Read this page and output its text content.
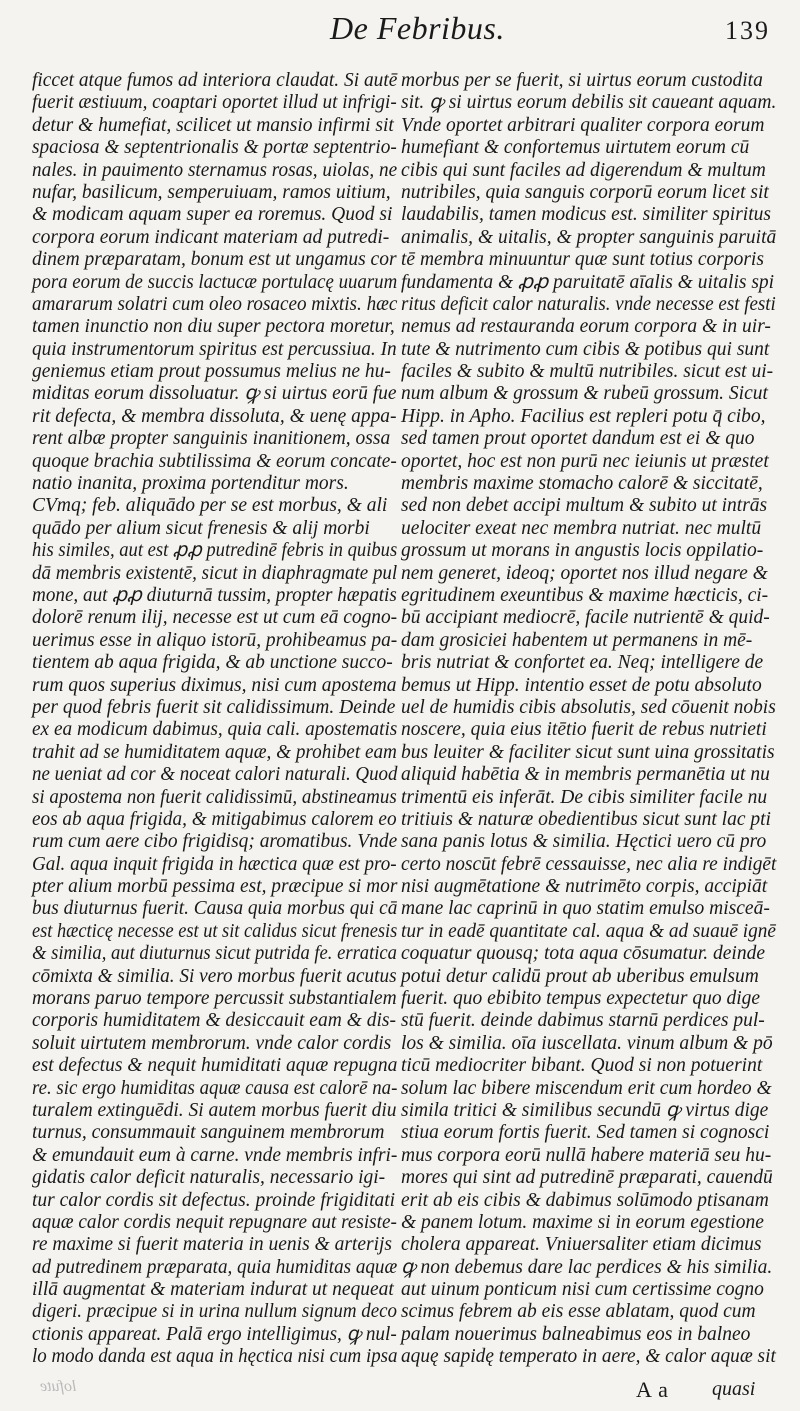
De Febribus.	139
ficcet atque fumos ad interiora claudat. Si autē
fuerit æstiuum, coaptari oportet illud ut infrigi-
detur & humefiat, scilicet ut mansio infirmi sit
spaciosa & septentrionalis & portæ septentrio-
nales. in pauimento sternamus rosas, uiolas, ne
nufar, basilicum, semperuiuam, ramos uitium,
& modicam aquam super ea roremus. Quod si
corpora eorum indicant materiam ad putredi-
dinem præparatam, bonum est ut ungamus cor
pora eorum de succis lactucæ portulacę uuarum
amararum solatri cum oleo rosaceo mixtis. hæc
tamen inunctio non diu super pectora moretur,
quia instrumentorum spiritus est percussiua. In
geniemus etiam prout possumus melius ne hu-
miditas eorum dissoluatur. ꝙ si uirtus eorū fue
rit defecta, & membra dissoluta, & uenę appa-
rent albæ propter sanguinis inanitionem, ossa
quoque brachia subtilissima & eorum concate-
natio inanita, proxima portenditur mors.
CVmq; feb. aliquādo per se est morbus, & ali
quādo per alium sicut frenesis & alij morbi
his similes, aut est ꝓꝓ putredinē febris in quibus
dā membris existentē, sicut in diaphragmate pul
mone, aut ꝓꝓ diuturnā tussim, propter hæpatis
dolorē renum ilij, necesse est ut cum eā cogno-
uerimus esse in aliquo istorū, prohibeamus pa-
tientem ab aqua frigida, & ab unctione succo-
rum quos superius diximus, nisi cum apostema
per quod febris fuerit sit calidissimum. Deinde
ex ea modicum dabimus, quia cali. apostematis
trahit ad se humiditatem aquæ, & prohibet eam
ne ueniat ad cor & noceat calori naturali. Quod
si apostema non fuerit calidissimū, abstineamus
eos ab aqua frigida, & mitigabimus calorem eo
rum cum aere cibo frigidisq; aromatibus. Vnde
Gal. aqua inquit frigida in hæctica quæ est pro-
pter alium morbū pessima est, præcipue si mor
bus diuturnus fuerit. Causa quia morbus qui cā
est hæcticę necesse est ut sit calidus sicut frenesis
& similia, aut diuturnus sicut putrida fe. erratica
cōmixta & similia. Si vero morbus fuerit acutus
morans paruo tempore percussit substantialem
corporis humiditatem & desiccauit eam & dis-
soluit uirtutem membrorum. vnde calor cordis
est defectus & nequit humiditati aquæ repugna
re. sic ergo humiditas aquæ causa est calorē na-
turalem extinguēdi. Si autem morbus fuerit diu
turnus, consummauit sanguinem membrorum
& emundauit eum à carne. vnde membris infri-
gidatis calor deficit naturalis, necessario igi-
tur calor cordis sit defectus. proinde frigiditati
aquæ calor cordis nequit repugnare aut resiste-
re maxime si fuerit materia in uenis & arterijs
ad putredinem præparata, quia humiditas aquæ
illā augmentat & materiam indurat ut nequeat
digeri. præcipue si in urina nullum signum deco
ctionis appareat. Palā ergo intelligimus, ꝙ nul-
lo modo danda est aqua in hęctica nisi cum ipsa
morbus per se fuerit, si uirtus eorum custodita
sit. ꝙ si uirtus eorum debilis sit caueant aquam.
Vnde oportet arbitrari qualiter corpora eorum
humefiant & confortemus uirtutem eorum cū
cibis qui sunt faciles ad digerendum & multum
nutribiles, quia sanguis corporū eorum licet sit
laudabilis, tamen modicus est. similiter spiritus
animalis, & uitalis, & propter sanguinis paruitā
tē membra minuuntur quæ sunt totius corporis
fundamenta & ꝓꝓ paruitatē aīalis & uitalis spi
ritus deficit calor naturalis. vnde necesse est festi
nemus ad restauranda eorum corpora & in uir-
tute & nutrimento cum cibis & potibus qui sunt
faciles & subito & multū nutribiles. sicut est ui-
num album & grossum & rubeū grossum. Sicut
Hipp. in Apho. Facilius est repleri potu q̄ cibo,
sed tamen prout oportet dandum est ei & quo
oportet, hoc est non purū nec ieiunis ut præstet
membris maxime stomacho calorē & siccitatē,
sed non debet accipi multum & subito ut intrās
uelociter exeat nec membra nutriat. nec multū
grossum ut morans in angustis locis oppilatio-
nem generet, ideoq; oportet nos illud negare &
egritudinem exeuntibus & maxime hæcticis, ci-
bū accipiant mediocrē, facile nutrientē & quid-
dam grosiciei habentem ut permanens in mē-
bris nutriat & confortet ea. Neq; intelligere de
bemus ut Hipp. intentio esset de potu absoluto
uel de humidis cibis absolutis, sed cōuenit nobis
noscere, quia eius itētio fuerit de rebus nutrieti
bus leuiter & faciliter sicut sunt uina grossitatis
aliquid habētia & in membris permanētia ut nu
trimentū eis inferāt. De cibis similiter facile nu
tritiuis & naturæ obedientibus sicut sunt lac pti
sana panis lotus & similia. Hęctici uero cū pro
certo noscūt febrē cessauisse, nec alia re indigēt
nisi augmētatione & nutrimēto corpis, accipiāt
mane lac caprinū in quo statim emulso misceā-
tur in eadē quantitate cal. aqua & ad suauē ignē
coquatur quousq; tota aqua cōsumatur. deinde
potui detur calidū prout ab uberibus emulsum
fuerit. quo ebibito tempus expectetur quo dige
stū fuerit. deinde dabimus starnū perdices pul-
los & similia. oīa iuscellata. vinum album & pō
ticū mediocriter bibant. Quod si non potuerint
solum lac bibere miscendum erit cum hordeo &
simila tritici & similibus secundū ꝙ virtus dige
stiua eorum fortis fuerit. Sed tamen si cognosci
mus corpora eorū nullā habere materiā seu hu-
mores qui sint ad putredinē præparati, cauendū
erit ab eis cibis & dabimus solūmodo ptisanam
& panem lotum. maxime si in eorum egestione
cholera appareat. Vniuersaliter etiam dicimus
ꝙ non debemus dare lac perdices & his similia.
aut uinum ponticum nisi cum certissime cogno
scimus febrem ab eis esse ablatam, quod cum
palam nouerimus balneabimus eos in balneo
aquę sapidę temperato in aere, & calor aquæ sit
lofute	A a quasi
